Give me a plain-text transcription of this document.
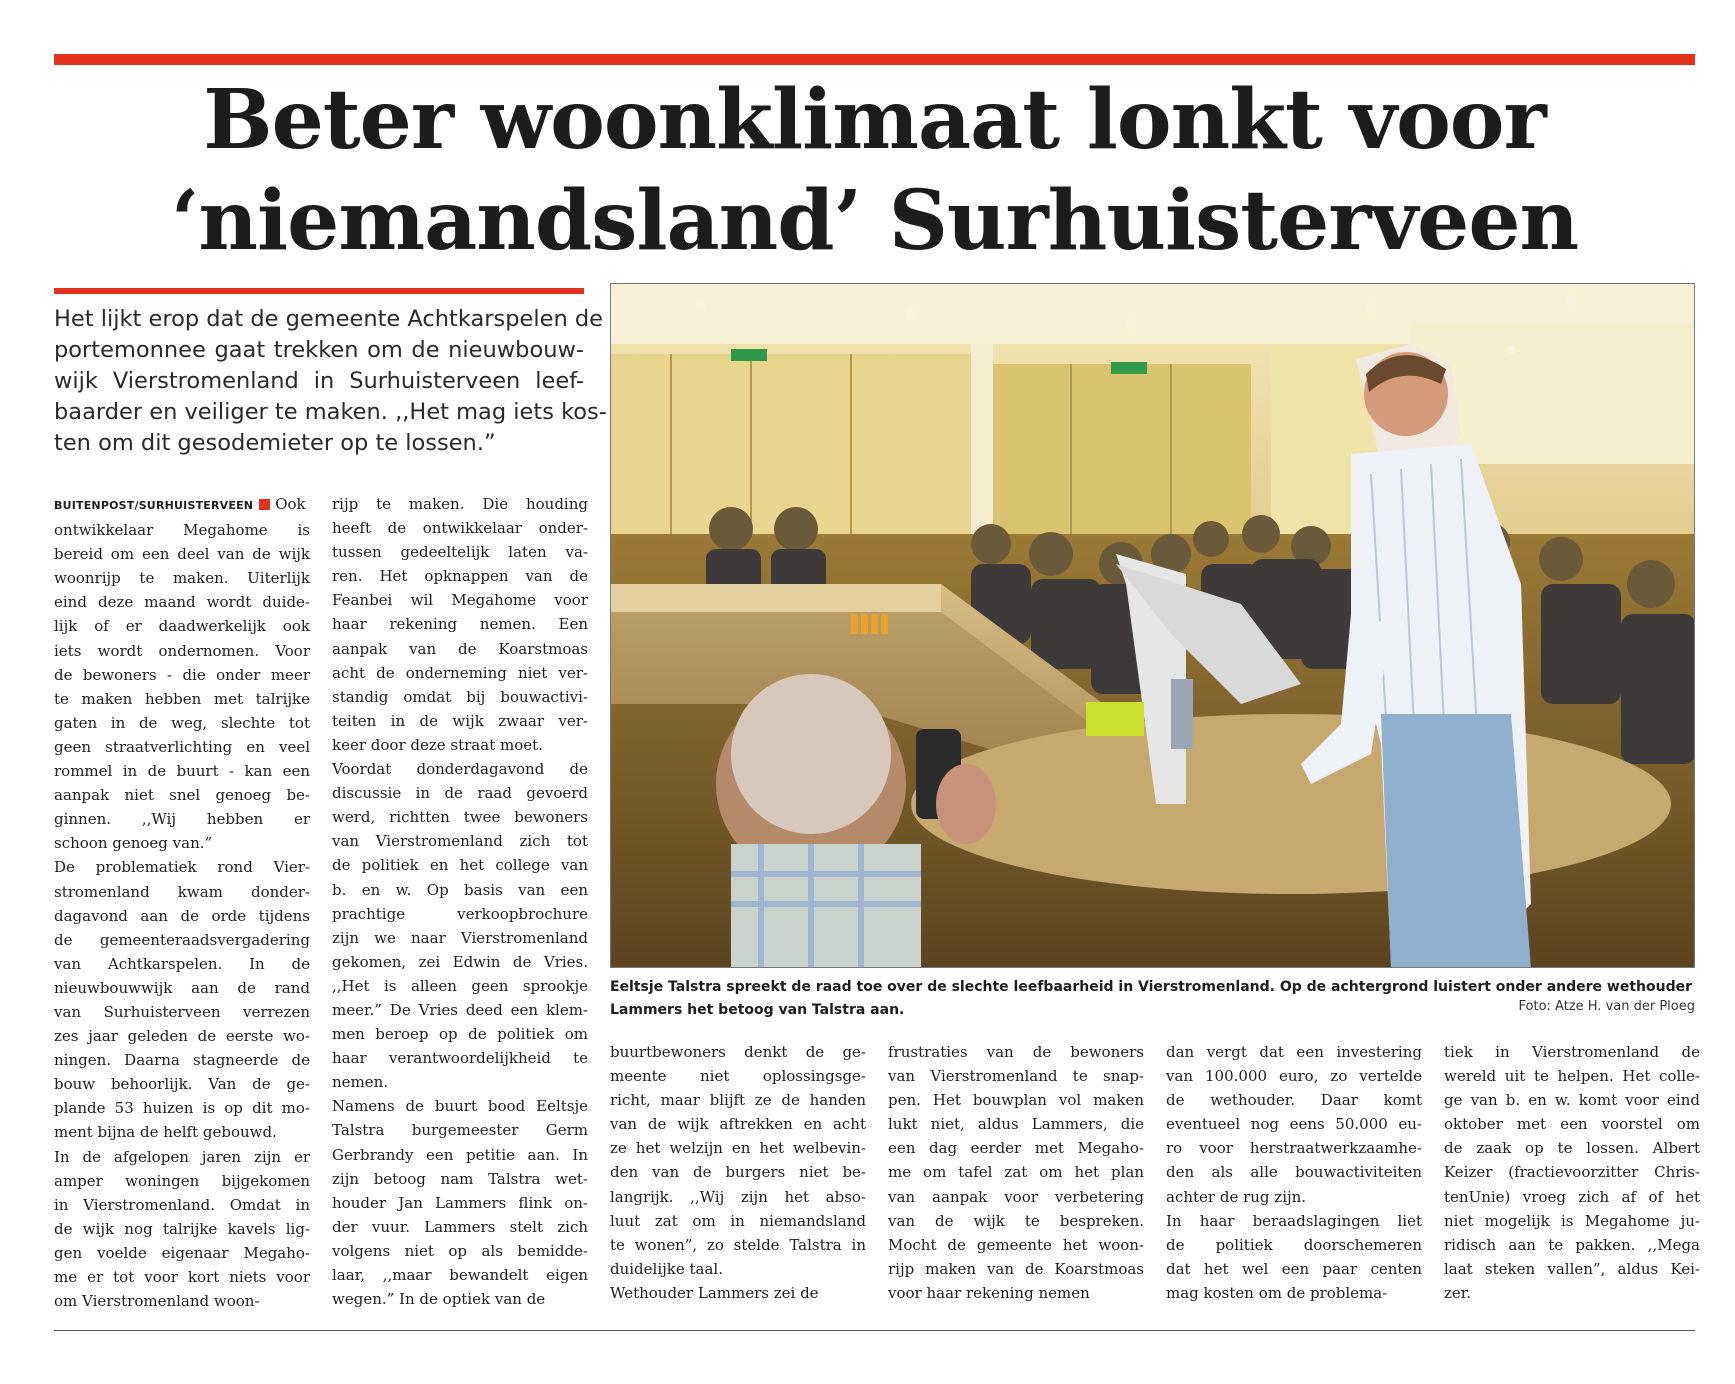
Beter woonklimaat lonkt voor
‘niemandsland’ Surhuisterveen

Het lijkt erop dat de gemeente Achtkarspelen de
portemonnee gaat trekken om de nieuwbouw-
wijk Vierstromenland in Surhuisterveen leef-
baarder en veiliger te maken. ,,Het mag iets kos-
ten om dit gesodemieter op te lossen.”

BUITENPOST/SURHUISTERVEEN Ook
ontwikkelaar Megahome is
bereid om een deel van de wijk
woonrijp te maken. Uiterlijk
eind deze maand wordt duide-
lijk of er daadwerkelijk ook
iets wordt ondernomen. Voor
de bewoners - die onder meer
te maken hebben met talrijke
gaten in de weg, slechte tot
geen straatverlichting en veel
rommel in de buurt - kan een
aanpak niet snel genoeg be-
ginnen. ,,Wij hebben er
schoon genoeg van.”
De problematiek rond Vier-
stromenland kwam donder-
dagavond aan de orde tijdens
de gemeenteraadsvergadering
van Achtkarspelen. In de
nieuwbouwwijk aan de rand
van Surhuisterveen verrezen
zes jaar geleden de eerste wo-
ningen. Daarna stagneerde de
bouw behoorlijk. Van de ge-
plande 53 huizen is op dit mo-
ment bijna de helft gebouwd.
In de afgelopen jaren zijn er
amper woningen bijgekomen
in Vierstromenland. Omdat in
de wijk nog talrijke kavels lig-
gen voelde eigenaar Megaho-
me er tot voor kort niets voor
om Vierstromenland woon-
rijp te maken. Die houding
heeft de ontwikkelaar onder-
tussen gedeeltelijk laten va-
ren. Het opknappen van de
Feanbei wil Megahome voor
haar rekening nemen. Een
aanpak van de Koarstmoas
acht de onderneming niet ver-
standig omdat bij bouwactivi-
teiten in de wijk zwaar ver-
keer door deze straat moet.
Voordat donderdagavond de
discussie in de raad gevoerd
werd, richtten twee bewoners
van Vierstromenland zich tot
de politiek en het college van
b. en w. Op basis van een
prachtige verkoopbrochure
zijn we naar Vierstromenland
gekomen, zei Edwin de Vries.
,,Het is alleen geen sprookje
meer.” De Vries deed een klem-
men beroep op de politiek om
haar verantwoordelijkheid te
nemen.
Namens de buurt bood Eeltsje
Talstra burgemeester Germ
Gerbrandy een petitie aan. In
zijn betoog nam Talstra wet-
houder Jan Lammers flink on-
der vuur. Lammers stelt zich
volgens niet op als bemidde-
laar, ,,maar bewandelt eigen
wegen.” In de optiek van de
buurtbewoners denkt de ge-
meente niet oplossingsge-
richt, maar blijft ze de handen
van de wijk aftrekken en acht
ze het welzijn en het welbevin-
den van de burgers niet be-
langrijk. ,,Wij zijn het abso-
luut zat om in niemandsland
te wonen”, zo stelde Talstra in
duidelijke taal.
Wethouder Lammers zei de
frustraties van de bewoners
van Vierstromenland te snap-
pen. Het bouwplan vol maken
lukt niet, aldus Lammers, die
een dag eerder met Megaho-
me om tafel zat om het plan
van aanpak voor verbetering
van de wijk te bespreken.
Mocht de gemeente het woon-
rijp maken van de Koarstmoas
voor haar rekening nemen
dan vergt dat een investering
van 100.000 euro, zo vertelde
de wethouder. Daar komt
eventueel nog eens 50.000 eu-
ro voor herstraatwerkzaamhe-
den als alle bouwactiviteiten
achter de rug zijn.
In haar beraadslagingen liet
de politiek doorschemeren
dat het wel een paar centen
mag kosten om de problema-
tiek in Vierstromenland de
wereld uit te helpen. Het colle-
ge van b. en w. komt voor eind
oktober met een voorstel om
de zaak op te lossen. Albert
Keizer (fractievoorzitter Chris-
tenUnie) vroeg zich af of het
niet mogelijk is Megahome ju-
ridisch aan te pakken. ,,Mega
laat steken vallen”, aldus Kei-
zer.

Eeltsje Talstra spreekt de raad toe over de slechte leefbaarheid in Vierstromenland. Op de achtergrond luistert onder andere wethouder Lammers het betoog van Talstra aan.	Foto: Atze H. van der Ploeg
